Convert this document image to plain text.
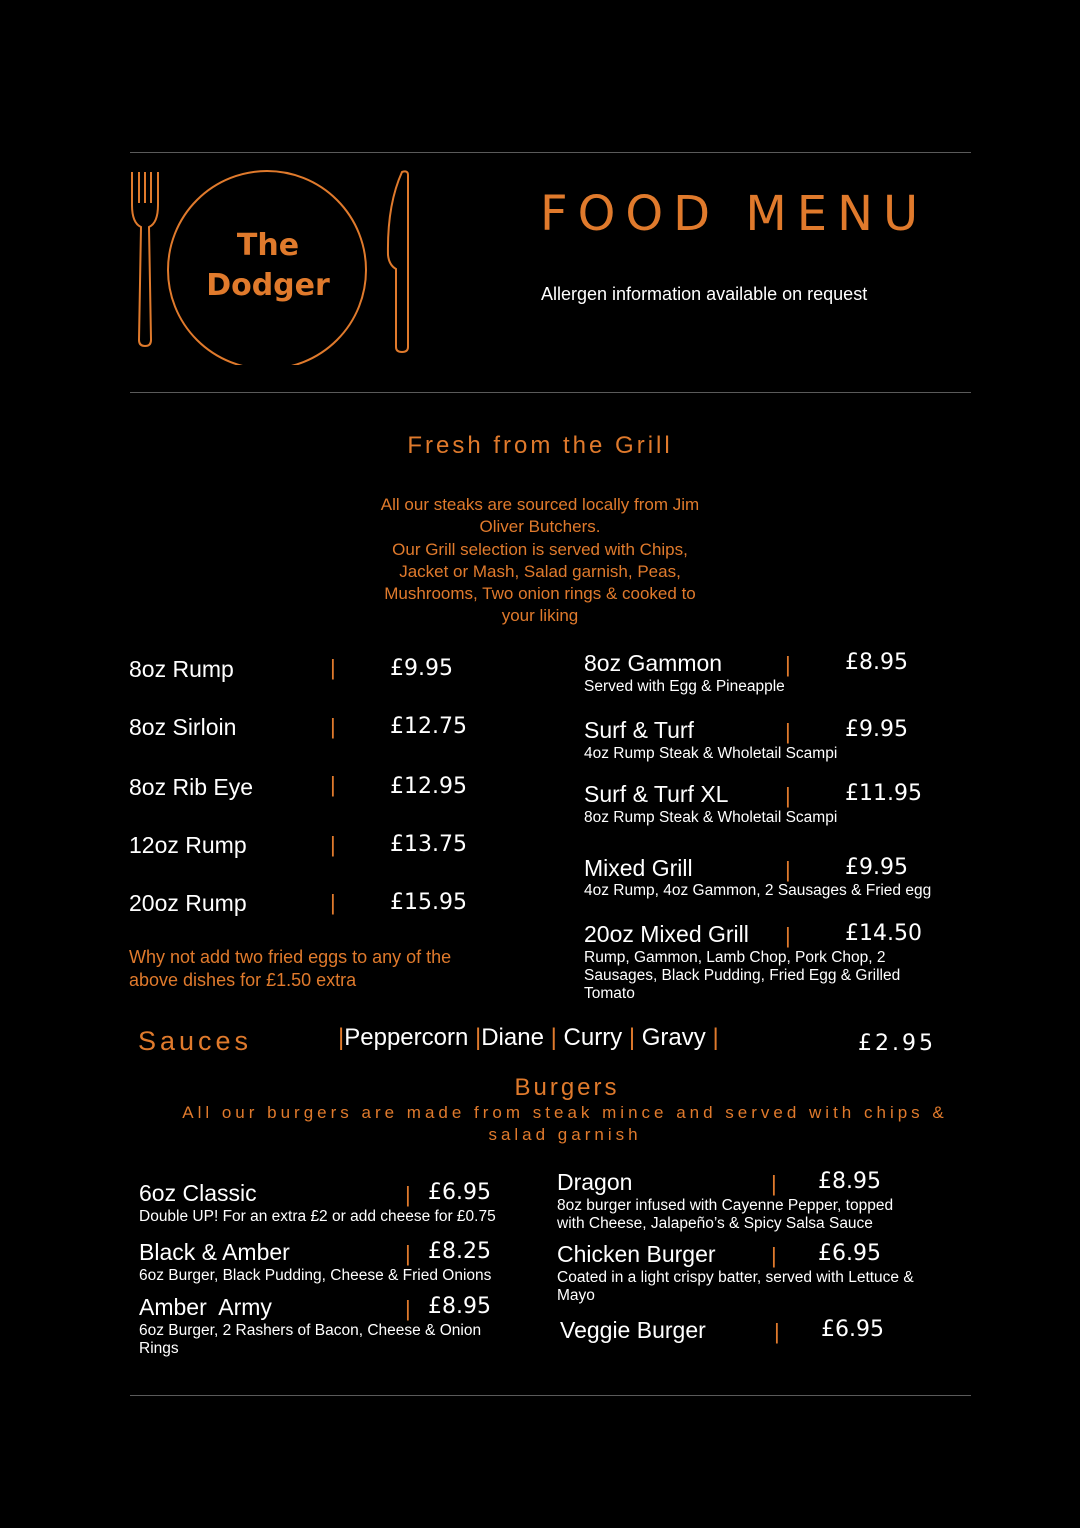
The
Dodger
FOOD MENU
Allergen information available on request
Fresh from the Grill
All our steaks are sourced locally from Jim
Oliver Butchers.
Our Grill selection is served with Chips,
Jacket or Mash, Salad garnish, Peas,
Mushrooms, Two onion rings & cooked to
your liking
8oz Rump	| £9.95
8oz Sirloin	| £12.75
8oz Rib Eye	| £12.95
12oz Rump	| £13.75
20oz Rump	| £15.95
Why not add two fried eggs to any of the
above dishes for £1.50 extra
8oz Gammon	| £8.95
Served with Egg & Pineapple
Surf & Turf	| £9.95
4oz Rump Steak & Wholetail Scampi
Surf & Turf XL	| £11.95
8oz Rump Steak & Wholetail Scampi
Mixed Grill	| £9.95
4oz Rump, 4oz Gammon, 2 Sausages & Fried egg
20oz Mixed Grill | £14.50
Rump, Gammon, Lamb Chop, Pork Chop, 2
Sausages, Black Pudding, Fried Egg & Grilled
Tomato
Sauces	|Peppercorn |Diane | Curry | Gravy |	£2.95
Burgers
All our burgers are made from steak mince and served with chips &
salad garnish
6oz Classic	| £6.95
Double UP! For an extra £2 or add cheese for £0.75
Black & Amber	| £8.25
6oz Burger, Black Pudding, Cheese & Fried Onions
Amber  Army	| £8.95
6oz Burger, 2 Rashers of Bacon, Cheese & Onion
Rings
Dragon	| £8.95
8oz burger infused with Cayenne Pepper, topped
with Cheese, Jalapeño’s & Spicy Salsa Sauce
Chicken Burger	| £6.95
Coated in a light crispy batter, served with Lettuce &
Mayo
Veggie Burger	| £6.95
